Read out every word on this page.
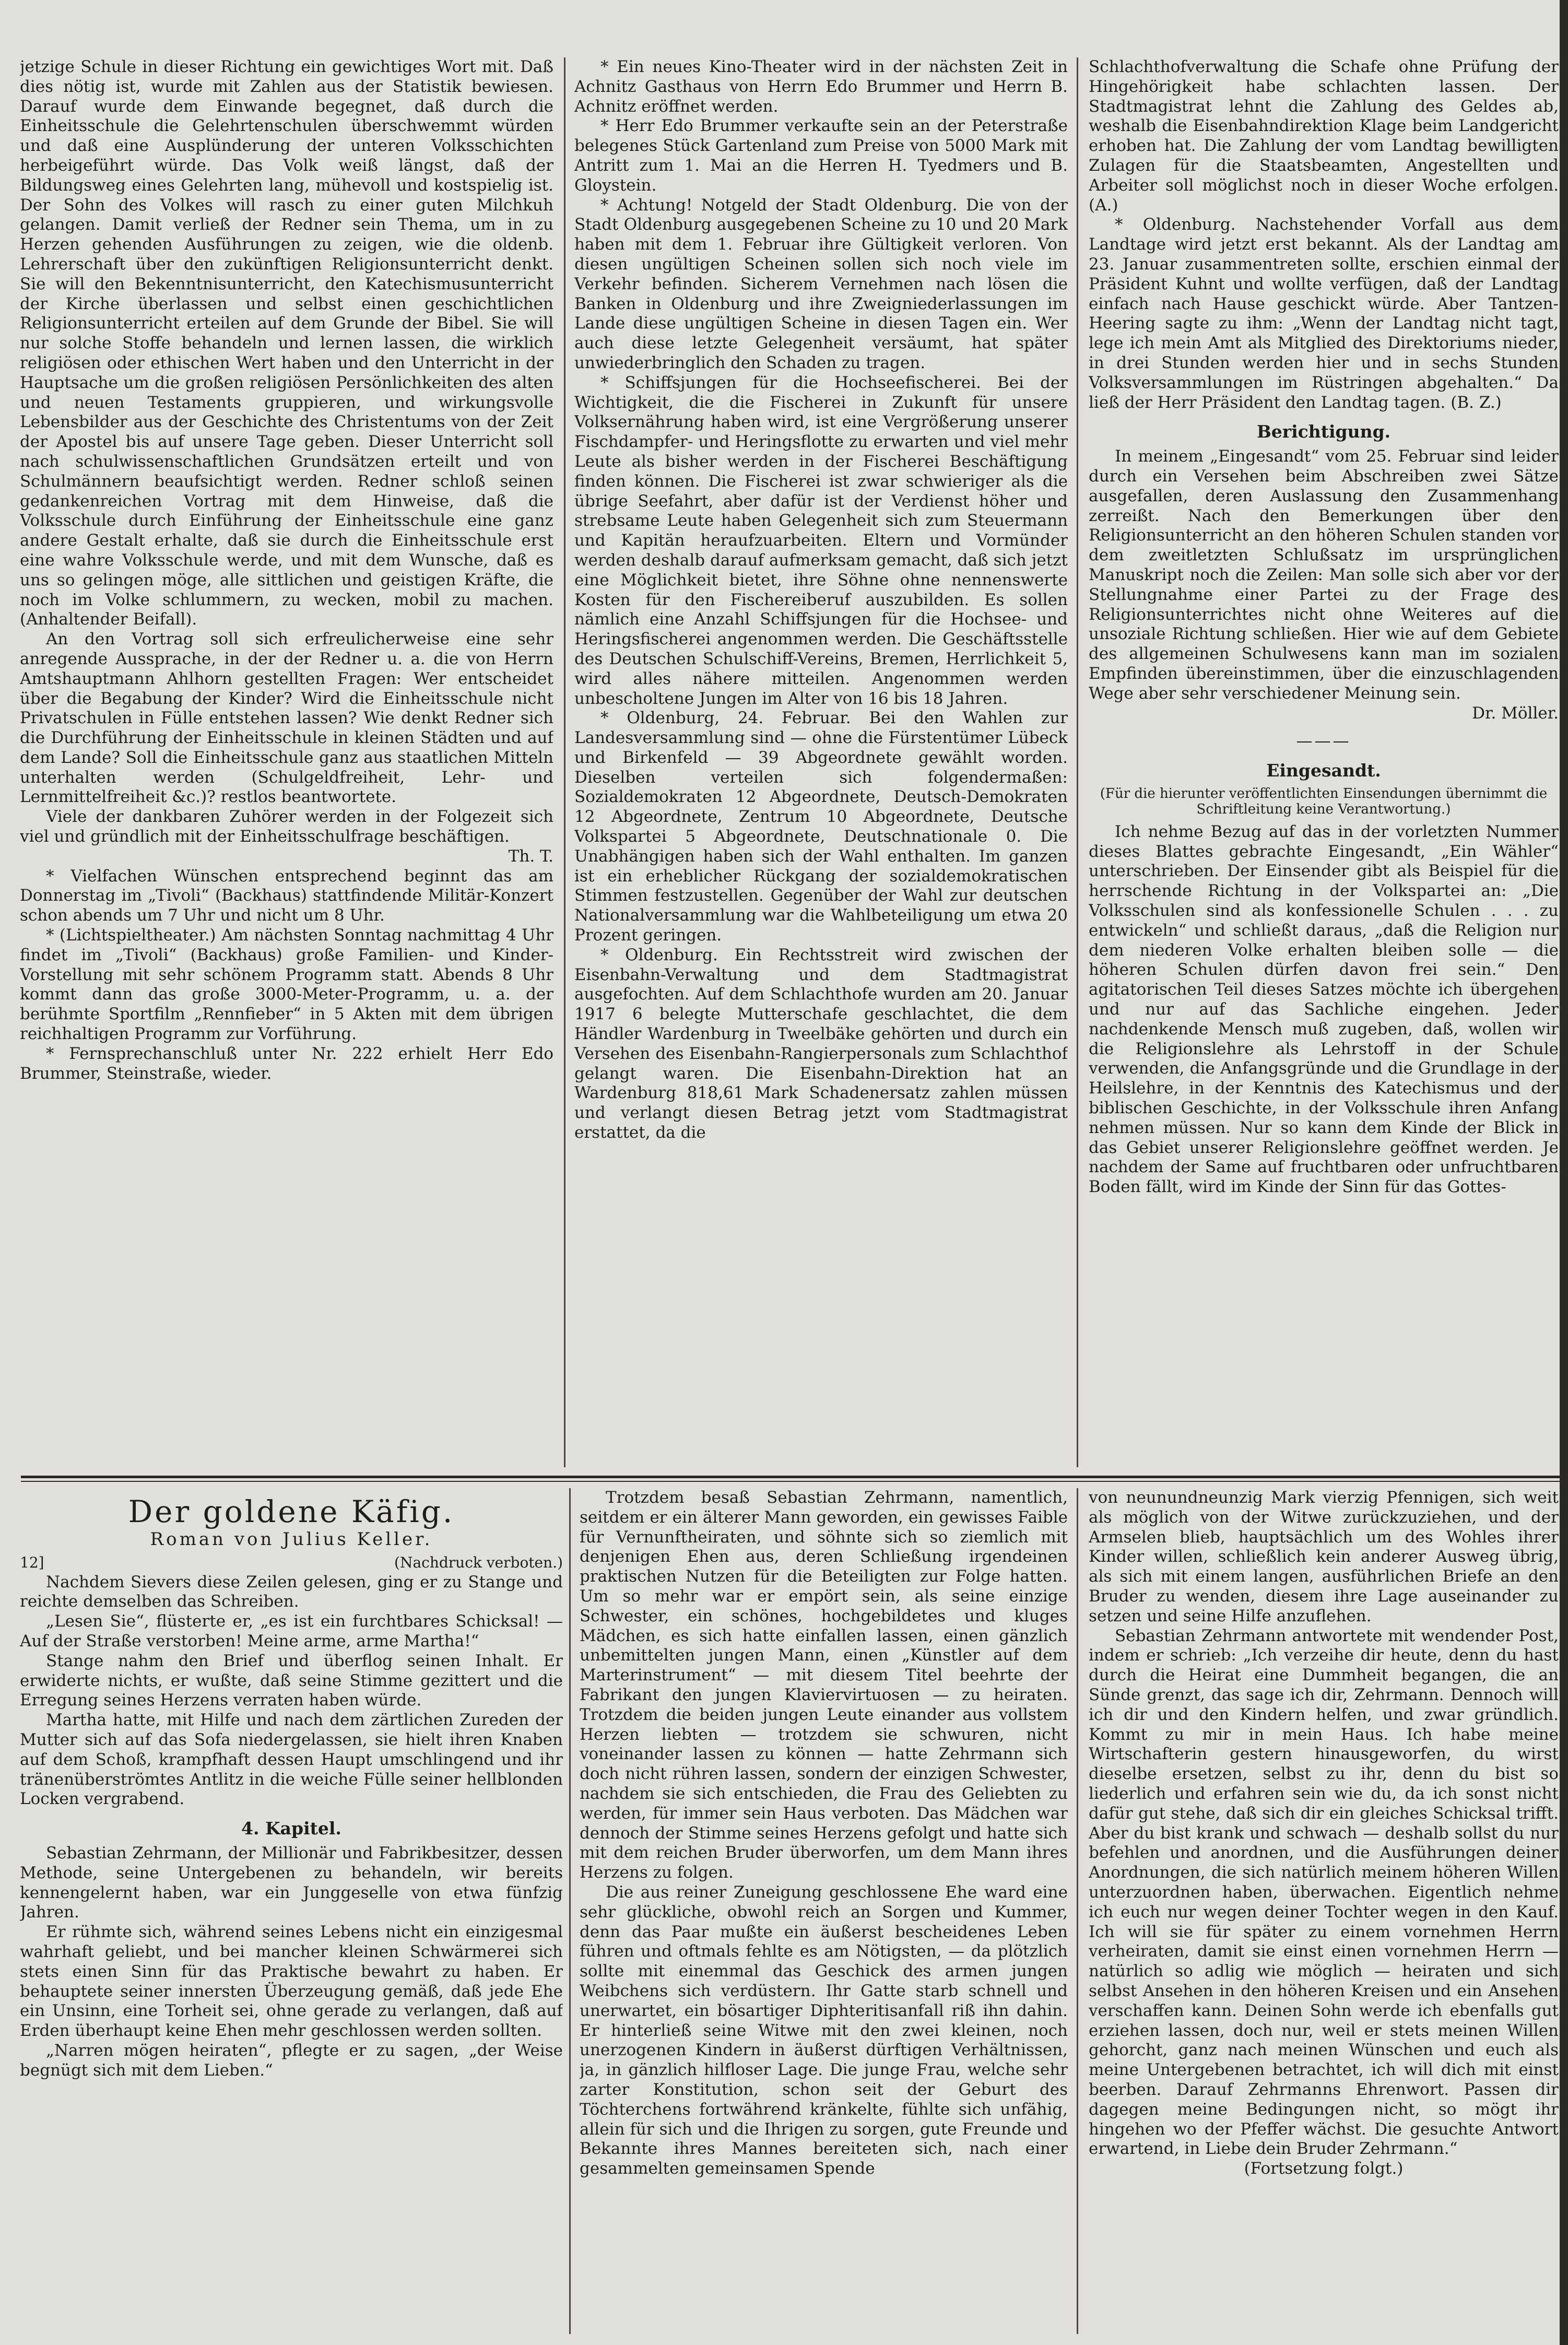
jetzige Schule in dieser Richtung ein gewichtiges Wort mit. Daß dies nötig ist, wurde mit Zahlen aus der Statistik bewiesen. Darauf wurde dem Einwande begegnet, daß durch die Einheitsschule die Gelehrtenschulen überschwemmt würden und daß eine Ausplünderung der unteren Volksschichten herbeigeführt würde. Das Volk weiß längst, daß der Bildungsweg eines Gelehrten lang, mühevoll und kostspielig ist. Der Sohn des Volkes will rasch zu einer guten Milchkuh gelangen. Damit verließ der Redner sein Thema, um in zu Herzen gehenden Ausführungen zu zeigen, wie die oldenb. Lehrerschaft über den zukünftigen Religionsunterricht denkt. Sie will den Bekenntnisunterricht, den Katechismusunterricht der Kirche überlassen und selbst einen geschichtlichen Religionsunterricht erteilen auf dem Grunde der Bibel. Sie will nur solche Stoffe behandeln und lernen lassen, die wirklich religiösen oder ethischen Wert haben und den Unterricht in der Hauptsache um die großen religiösen Persönlichkeiten des alten und neuen Testaments gruppieren, und wirkungsvolle Lebensbilder aus der Geschichte des Christentums von der Zeit der Apostel bis auf unsere Tage geben. Dieser Unterricht soll nach schulwissenschaftlichen Grundsätzen erteilt und von Schulmännern beaufsichtigt werden. Redner schloß seinen gedankenreichen Vortrag mit dem Hinweise, daß die Volksschule durch Einführung der Einheitsschule eine ganz andere Gestalt erhalte, daß sie durch die Einheitsschule erst eine wahre Volksschule werde, und mit dem Wunsche, daß es uns so gelingen möge, alle sittlichen und geistigen Kräfte, die noch im Volke schlummern, zu wecken, mobil zu machen. (Anhaltender Beifall).

An den Vortrag soll sich erfreulicherweise eine sehr anregende Aussprache, in der der Redner u. a. die von Herrn Amtshauptmann Ahlhorn gestellten Fragen: Wer entscheidet über die Begabung der Kinder? Wird die Einheitsschule nicht Privatschulen in Fülle entstehen lassen? Wie denkt Redner sich die Durchführung der Einheitsschule in kleinen Städten und auf dem Lande? Soll die Einheitsschule ganz aus staatlichen Mitteln unterhalten werden (Schulgeldfreiheit, Lehr- und Lernmittelfreiheit &c.)? restlos beantwortete.

Viele der dankbaren Zuhörer werden in der Folgezeit sich viel und gründlich mit der Einheitsschulfrage beschäftigen.

Th. T.

* Vielfachen Wünschen entsprechend beginnt das am Donnerstag im „Tivoli“ (Backhaus) stattfindende Militär-Konzert schon abends um 7 Uhr und nicht um 8 Uhr.

* (Lichtspieltheater.) Am nächsten Sonntag nachmittag 4 Uhr findet im „Tivoli“ (Backhaus) große Familien- und Kinder-Vorstellung mit sehr schönem Programm statt. Abends 8 Uhr kommt dann das große 3000-Meter-Programm, u. a. der berühmte Sportfilm „Rennfieber“ in 5 Akten mit dem übrigen reichhaltigen Programm zur Vorführung.

* Fernsprechanschluß unter Nr. 222 erhielt Herr Edo Brummer, Steinstraße, wieder.

* Ein neues Kino-Theater wird in der nächsten Zeit in Achnitz Gasthaus von Herrn Edo Brummer und Herrn B. Achnitz eröffnet werden.

* Herr Edo Brummer verkaufte sein an der Peterstraße belegenes Stück Gartenland zum Preise von 5000 Mark mit Antritt zum 1. Mai an die Herren H. Tyedmers und B. Gloystein.

* Achtung! Notgeld der Stadt Oldenburg. Die von der Stadt Oldenburg ausgegebenen Scheine zu 10 und 20 Mark haben mit dem 1. Februar ihre Gültigkeit verloren. Von diesen ungültigen Scheinen sollen sich noch viele im Verkehr befinden. Sicherem Vernehmen nach lösen die Banken in Oldenburg und ihre Zweigniederlassungen im Lande diese ungültigen Scheine in diesen Tagen ein. Wer auch diese letzte Gelegenheit versäumt, hat später unwiederbringlich den Schaden zu tragen.

* Schiffsjungen für die Hochseefischerei. Bei der Wichtigkeit, die die Fischerei in Zukunft für unsere Volksernährung haben wird, ist eine Vergrößerung unserer Fischdampfer- und Heringsflotte zu erwarten und viel mehr Leute als bisher werden in der Fischerei Beschäftigung finden können. Die Fischerei ist zwar schwieriger als die übrige Seefahrt, aber dafür ist der Verdienst höher und strebsame Leute haben Gelegenheit sich zum Steuermann und Kapitän heraufzuarbeiten. Eltern und Vormünder werden deshalb darauf aufmerksam gemacht, daß sich jetzt eine Möglichkeit bietet, ihre Söhne ohne nennenswerte Kosten für den Fischereiberuf auszubilden. Es sollen nämlich eine Anzahl Schiffsjungen für die Hochsee- und Heringsfischerei angenommen werden. Die Geschäftsstelle des Deutschen Schulschiff-Vereins, Bremen, Herrlichkeit 5, wird alles nähere mitteilen. Angenommen werden unbescholtene Jungen im Alter von 16 bis 18 Jahren.

* Oldenburg, 24. Februar. Bei den Wahlen zur Landesversammlung sind — ohne die Fürstentümer Lübeck und Birkenfeld — 39 Abgeordnete gewählt worden. Dieselben verteilen sich folgendermaßen: Sozialdemokraten 12 Abgeordnete, Deutsch-Demokraten 12 Abgeordnete, Zentrum 10 Abgeordnete, Deutsche Volkspartei 5 Abgeordnete, Deutschnationale 0. Die Unabhängigen haben sich der Wahl enthalten. Im ganzen ist ein erheblicher Rückgang der sozialdemokratischen Stimmen festzustellen. Gegenüber der Wahl zur deutschen Nationalversammlung war die Wahlbeteiligung um etwa 20 Prozent geringen.

* Oldenburg. Ein Rechtsstreit wird zwischen der Eisenbahn-Verwaltung und dem Stadtmagistrat ausgefochten. Auf dem Schlachthofe wurden am 20. Januar 1917 6 belegte Mutterschafe geschlachtet, die dem Händler Wardenburg in Tweelbäke gehörten und durch ein Versehen des Eisenbahn-Rangierpersonals zum Schlachthof gelangt waren. Die Eisenbahn-Direktion hat an Wardenburg 818,61 Mark Schadenersatz zahlen müssen und verlangt diesen Betrag jetzt vom Stadtmagistrat erstattet, da die

Schlachthofverwaltung die Schafe ohne Prüfung der Hingehörigkeit habe schlachten lassen. Der Stadtmagistrat lehnt die Zahlung des Geldes ab, weshalb die Eisenbahndirektion Klage beim Landgericht erhoben hat. Die Zahlung der vom Landtag bewilligten Zulagen für die Staatsbeamten, Angestellten und Arbeiter soll möglichst noch in dieser Woche erfolgen. (A.)

* Oldenburg. Nachstehender Vorfall aus dem Landtage wird jetzt erst bekannt. Als der Landtag am 23. Januar zusammentreten sollte, erschien einmal der Präsident Kuhnt und wollte verfügen, daß der Landtag einfach nach Hause geschickt würde. Aber Tantzen-Heering sagte zu ihm: „Wenn der Landtag nicht tagt, lege ich mein Amt als Mitglied des Direktoriums nieder, in drei Stunden werden hier und in sechs Stunden Volksversammlungen im Rüstringen abgehalten.“ Da ließ der Herr Präsident den Landtag tagen. (B. Z.)

Berichtigung.

In meinem „Eingesandt“ vom 25. Februar sind leider durch ein Versehen beim Abschreiben zwei Sätze ausgefallen, deren Auslassung den Zusammenhang zerreißt. Nach den Bemerkungen über den Religionsunterricht an den höheren Schulen standen vor dem zweitletzten Schlußsatz im ursprünglichen Manuskript noch die Zeilen: Man solle sich aber vor der Stellungnahme einer Partei zu der Frage des Religionsunterrichtes nicht ohne Weiteres auf die unsoziale Richtung schließen. Hier wie auf dem Gebiete des allgemeinen Schulwesens kann man im sozialen Empfinden übereinstimmen, über die einzuschlagenden Wege aber sehr verschiedener Meinung sein.

Dr. Möller.

———
Eingesandt.
(Für die hierunter veröffentlichten Einsendungen übernimmt die Schriftleitung keine Verantwortung.)

Ich nehme Bezug auf das in der vorletzten Nummer dieses Blattes gebrachte Eingesandt, „Ein Wähler“ unterschrieben. Der Einsender gibt als Beispiel für die herrschende Richtung in der Volkspartei an: „Die Volksschulen sind als konfessionelle Schulen . . . zu entwickeln“ und schließt daraus, „daß die Religion nur dem niederen Volke erhalten bleiben solle — die höheren Schulen dürfen davon frei sein.“ Den agitatorischen Teil dieses Satzes möchte ich übergehen und nur auf das Sachliche eingehen. Jeder nachdenkende Mensch muß zugeben, daß, wollen wir die Religionslehre als Lehrstoff in der Schule verwenden, die Anfangsgründe und die Grundlage in der Heilslehre, in der Kenntnis des Katechismus und der biblischen Geschichte, in der Volksschule ihren Anfang nehmen müssen. Nur so kann dem Kinde der Blick in das Gebiet unserer Religionslehre geöffnet werden. Je nachdem der Same auf fruchtbaren oder unfruchtbaren Boden fällt, wird im Kinde der Sinn für das Gottes-

Der goldene Käfig.
Roman von Julius Keller.
12]	(Nachdruck verboten.)

Nachdem Sievers diese Zeilen gelesen, ging er zu Stange und reichte demselben das Schreiben.

„Lesen Sie“, flüsterte er, „es ist ein furchtbares Schicksal! — Auf der Straße verstorben! Meine arme, arme Martha!“

Stange nahm den Brief und überflog seinen Inhalt. Er erwiderte nichts, er wußte, daß seine Stimme gezittert und die Erregung seines Herzens verraten haben würde.

Martha hatte, mit Hilfe und nach dem zärtlichen Zureden der Mutter sich auf das Sofa niedergelassen, sie hielt ihren Knaben auf dem Schoß, krampfhaft dessen Haupt umschlingend und ihr tränenüberströmtes Antlitz in die weiche Fülle seiner hellblonden Locken vergrabend.

4. Kapitel.

Sebastian Zehrmann, der Millionär und Fabrikbesitzer, dessen Methode, seine Untergebenen zu behandeln, wir bereits kennengelernt haben, war ein Junggeselle von etwa fünfzig Jahren.

Er rühmte sich, während seines Lebens nicht ein einzigesmal wahrhaft geliebt, und bei mancher kleinen Schwärmerei sich stets einen Sinn für das Praktische bewahrt zu haben. Er behauptete seiner innersten Überzeugung gemäß, daß jede Ehe ein Unsinn, eine Torheit sei, ohne gerade zu verlangen, daß auf Erden überhaupt keine Ehen mehr geschlossen werden sollten.

„Narren mögen heiraten“, pflegte er zu sagen, „der Weise begnügt sich mit dem Lieben.“

Trotzdem besaß Sebastian Zehrmann, namentlich, seitdem er ein älterer Mann geworden, ein gewisses Faible für Vernunftheiraten, und söhnte sich so ziemlich mit denjenigen Ehen aus, deren Schließung irgendeinen praktischen Nutzen für die Beteiligten zur Folge hatten. Um so mehr war er empört sein, als seine einzige Schwester, ein schönes, hochgebildetes und kluges Mädchen, es sich hatte einfallen lassen, einen gänzlich unbemittelten jungen Mann, einen „Künstler auf dem Marterinstrument“ — mit diesem Titel beehrte der Fabrikant den jungen Klaviervirtuosen — zu heiraten. Trotzdem die beiden jungen Leute einander aus vollstem Herzen liebten — trotzdem sie schwuren, nicht voneinander lassen zu können — hatte Zehrmann sich doch nicht rühren lassen, sondern der einzigen Schwester, nachdem sie sich entschieden, die Frau des Geliebten zu werden, für immer sein Haus verboten. Das Mädchen war dennoch der Stimme seines Herzens gefolgt und hatte sich mit dem reichen Bruder überworfen, um dem Mann ihres Herzens zu folgen.

Die aus reiner Zuneigung geschlossene Ehe ward eine sehr glückliche, obwohl reich an Sorgen und Kummer, denn das Paar mußte ein äußerst bescheidenes Leben führen und oftmals fehlte es am Nötigsten, — da plötzlich sollte mit einemmal das Geschick des armen jungen Weibchens sich verdüstern. Ihr Gatte starb schnell und unerwartet, ein bösartiger Diphteritisanfall riß ihn dahin. Er hinterließ seine Witwe mit den zwei kleinen, noch unerzogenen Kindern in äußerst dürftigen Verhältnissen, ja, in gänzlich hilfloser Lage. Die junge Frau, welche sehr zarter Konstitution, schon seit der Geburt des Töchterchens fortwährend kränkelte, fühlte sich unfähig, allein für sich und die Ihrigen zu sorgen, gute Freunde und Bekannte ihres Mannes bereiteten sich, nach einer gesammelten gemeinsamen Spende

von neunundneunzig Mark vierzig Pfennigen, sich weit als möglich von der Witwe zurückzuziehen, und der Armselen blieb, hauptsächlich um des Wohles ihrer Kinder willen, schließlich kein anderer Ausweg übrig, als sich mit einem langen, ausführlichen Briefe an den Bruder zu wenden, diesem ihre Lage auseinander zu setzen und seine Hilfe anzuflehen.

Sebastian Zehrmann antwortete mit wendender Post, indem er schrieb: „Ich verzeihe dir heute, denn du hast durch die Heirat eine Dummheit begangen, die an Sünde grenzt, das sage ich dir, Zehrmann. Dennoch will ich dir und den Kindern helfen, und zwar gründlich. Kommt zu mir in mein Haus. Ich habe meine Wirtschafterin gestern hinausgeworfen, du wirst dieselbe ersetzen, selbst zu ihr, denn du bist so liederlich und erfahren sein wie du, da ich sonst nicht dafür gut stehe, daß sich dir ein gleiches Schicksal trifft. Aber du bist krank und schwach — deshalb sollst du nur befehlen und anordnen, und die Ausführungen deiner Anordnungen, die sich natürlich meinem höheren Willen unterzuordnen haben, überwachen. Eigentlich nehme ich euch nur wegen deiner Tochter wegen in den Kauf. Ich will sie für später zu einem vornehmen Herrn verheiraten, damit sie einst einen vornehmen Herrn — natürlich so adlig wie möglich — heiraten und sich selbst Ansehen in den höheren Kreisen und ein Ansehen verschaffen kann. Deinen Sohn werde ich ebenfalls gut erziehen lassen, doch nur, weil er stets meinen Willen gehorcht, ganz nach meinen Wünschen und euch als meine Untergebenen betrachtet, ich will dich mit einst beerben. Darauf Zehrmanns Ehrenwort. Passen dir dagegen meine Bedingungen nicht, so mögt ihr hingehen wo der Pfeffer wächst. Die gesuchte Antwort erwartend, in Liebe dein Bruder Zehrmann.“

(Fortsetzung folgt.)
